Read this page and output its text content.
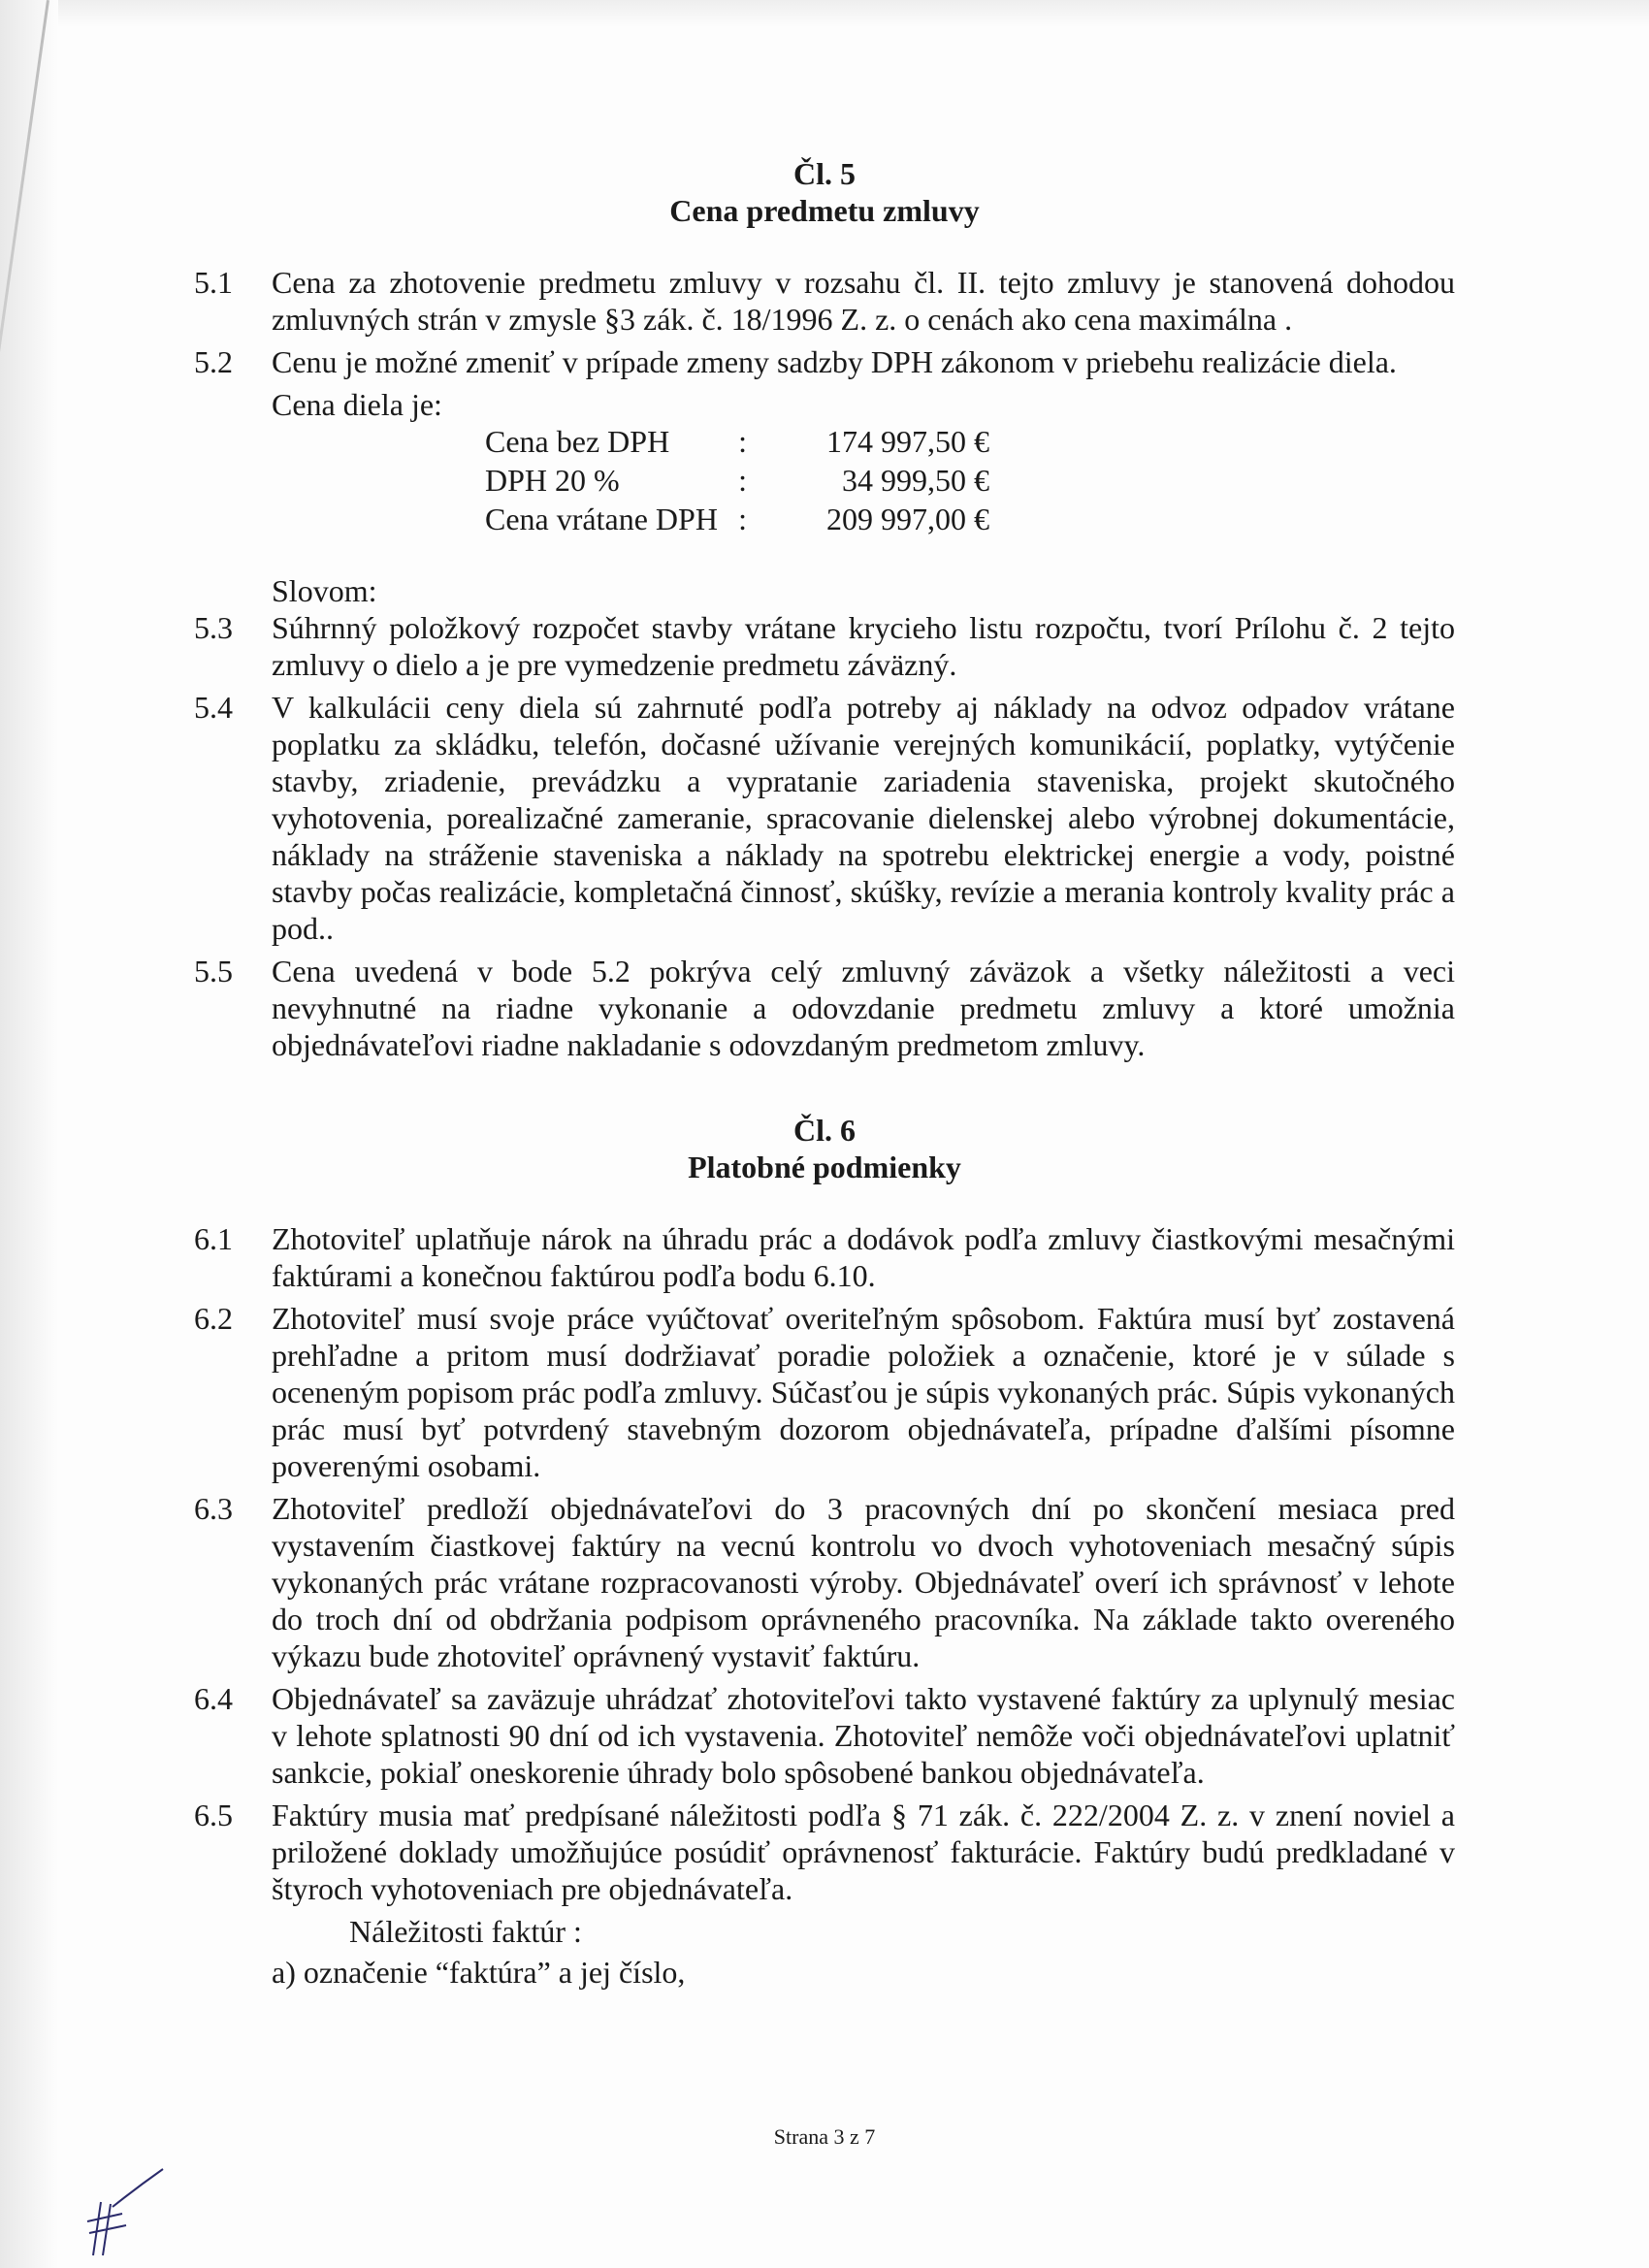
Čl. 5

Cena predmetu zmluvy

5.1 Cena za zhotovenie predmetu zmluvy v rozsahu čl. II. tejto zmluvy je stanovená dohodou zmluvných strán v zmysle §3 zák. č. 18/1996 Z. z. o cenách ako cena maximálna .
5.2 Cenu je možné zmeniť v prípade zmeny sadzby DPH zákonom v priebehu realizácie diela.

Cena diela je:

Cena bez DPH :	174 997,50 €
DPH 20 %	:	34 999,50 €
Cena vrátane DPH :	209 997,00 €

Slovom:

5.3 Súhrnný položkový rozpočet stavby vrátane krycieho listu rozpočtu, tvorí Prílohu č. 2 tejto zmluvy o dielo a je pre vymedzenie predmetu záväzný.
5.4 V kalkulácii ceny diela sú zahrnuté podľa potreby aj náklady na odvoz odpadov vrátane poplatku za skládku, telefón, dočasné užívanie verejných komunikácií, poplatky, vytýčenie stavby, zriadenie, prevádzku a vypratanie zariadenia staveniska, projekt skutočného vyhotovenia, porealizačné zameranie, spracovanie dielenskej alebo výrobnej dokumentácie, náklady na stráženie staveniska a náklady na spotrebu elektrickej energie a vody, poistné stavby počas realizácie, kompletačná činnosť, skúšky, revízie a merania kontroly kvality prác a pod..
5.5 Cena uvedená v bode 5.2 pokrýva celý zmluvný záväzok a všetky náležitosti a veci nevyhnutné na riadne vykonanie a odovzdanie predmetu zmluvy a ktoré umožnia objednávateľovi riadne nakladanie s odovzdaným predmetom zmluvy.

Čl. 6

Platobné podmienky

6.1 Zhotoviteľ uplatňuje nárok na úhradu prác a dodávok podľa zmluvy čiastkovými mesačnými faktúrami a konečnou faktúrou podľa bodu 6.10.
6.2 Zhotoviteľ musí svoje práce vyúčtovať overiteľným spôsobom. Faktúra musí byť zostavená prehľadne a pritom musí dodržiavať poradie položiek a označenie, ktoré je v súlade s oceneným popisom prác podľa zmluvy. Súčasťou je súpis vykonaných prác. Súpis vykonaných prác musí byť potvrdený stavebným dozorom objednávateľa, prípadne ďalšími písomne poverenými osobami.
6.3 Zhotoviteľ predloží objednávateľovi do 3 pracovných dní po skončení mesiaca pred vystavením čiastkovej faktúry na vecnú kontrolu vo dvoch vyhotoveniach mesačný súpis vykonaných prác vrátane rozpracovanosti výroby. Objednávateľ overí ich správnosť v lehote do troch dní od obdržania podpisom oprávneného pracovníka. Na základe takto overeného výkazu bude zhotoviteľ oprávnený vystaviť faktúru.
6.4 Objednávateľ sa zaväzuje uhrádzať zhotoviteľovi takto vystavené faktúry za uplynulý mesiac v lehote splatnosti 90 dní od ich vystavenia. Zhotoviteľ nemôže voči objednávateľovi uplatniť sankcie, pokiaľ oneskorenie úhrady bolo spôsobené bankou objednávateľa.
6.5 Faktúry musia mať predpísané náležitosti podľa § 71 zák. č. 222/2004 Z. z. v znení noviel a priložené doklady umožňujúce posúdiť oprávnenosť fakturácie. Faktúry budú predkladané v štyroch vyhotoveniach pre objednávateľa.

Náležitosti faktúr :

a) označenie “faktúra” a jej číslo,

Strana 3 z 7
